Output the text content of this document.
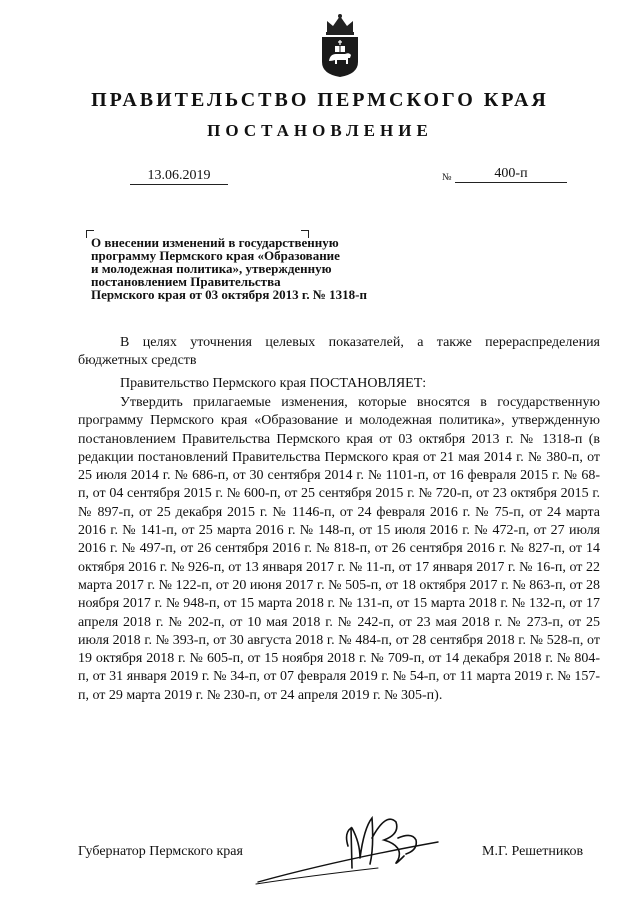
ПРАВИТЕЛЬСТВО ПЕРМСКОГО КРАЯ
ПОСТАНОВЛЕНИЕ
13.06.2019	№	400-п
О внесении изменений в государственную
программу Пермского края «Образование
и молодежная политика», утвержденную
постановлением Правительства
Пермского края от 03 октября 2013 г. № 1318-п
В целях уточнения целевых показателей, а также перераспределения бюджетных средств
Правительство Пермского края ПОСТАНОВЛЯЕТ:
Утвердить прилагаемые изменения, которые вносятся в государственную программу Пермского края «Образование и молодежная политика», утвержденную постановлением Правительства Пермского края от 03 октября 2013 г. № 1318-п (в редакции постановлений Правительства Пермского края от 21 мая 2014 г. № 380-п, от 25 июля 2014 г. № 686-п, от 30 сентября 2014 г. № 1101-п, от 16 февраля 2015 г. № 68-п, от 04 сентября 2015 г. № 600-п, от 25 сентября 2015 г. № 720-п, от 23 октября 2015 г. № 897-п, от 25 декабря 2015 г. № 1146-п, от 24 февраля 2016 г. № 75-п, от 24 марта 2016 г. № 141-п, от 25 марта 2016 г. № 148-п, от 15 июля 2016 г. № 472-п, от 27 июля 2016 г. № 497-п, от 26 сентября 2016 г. № 818-п, от 26 сентября 2016 г. № 827-п, от 14 октября 2016 г. № 926-п, от 13 января 2017 г. № 11-п, от 17 января 2017 г. № 16-п, от 22 марта 2017 г. № 122-п, от 20 июня 2017 г. № 505-п, от 18 октября 2017 г. № 863-п, от 28 ноября 2017 г. № 948-п, от 15 марта 2018 г. № 131-п, от 15 марта 2018 г. № 132-п, от 17 апреля 2018 г. № 202-п, от 10 мая 2018 г. № 242-п, от 23 мая 2018 г. № 273-п, от 25 июля 2018 г. № 393-п, от 30 августа 2018 г. № 484-п, от 28 сентября 2018 г. № 528-п, от 19 октября 2018 г. № 605-п, от 15 ноября 2018 г. № 709-п, от 14 декабря 2018 г. № 804-п, от 31 января 2019 г. № 34-п, от 07 февраля 2019 г. № 54-п, от 11 марта 2019 г. № 157-п, от 29 марта 2019 г. № 230-п, от 24 апреля 2019 г. № 305-п).
Губернатор Пермского края	М.Г. Решетников
